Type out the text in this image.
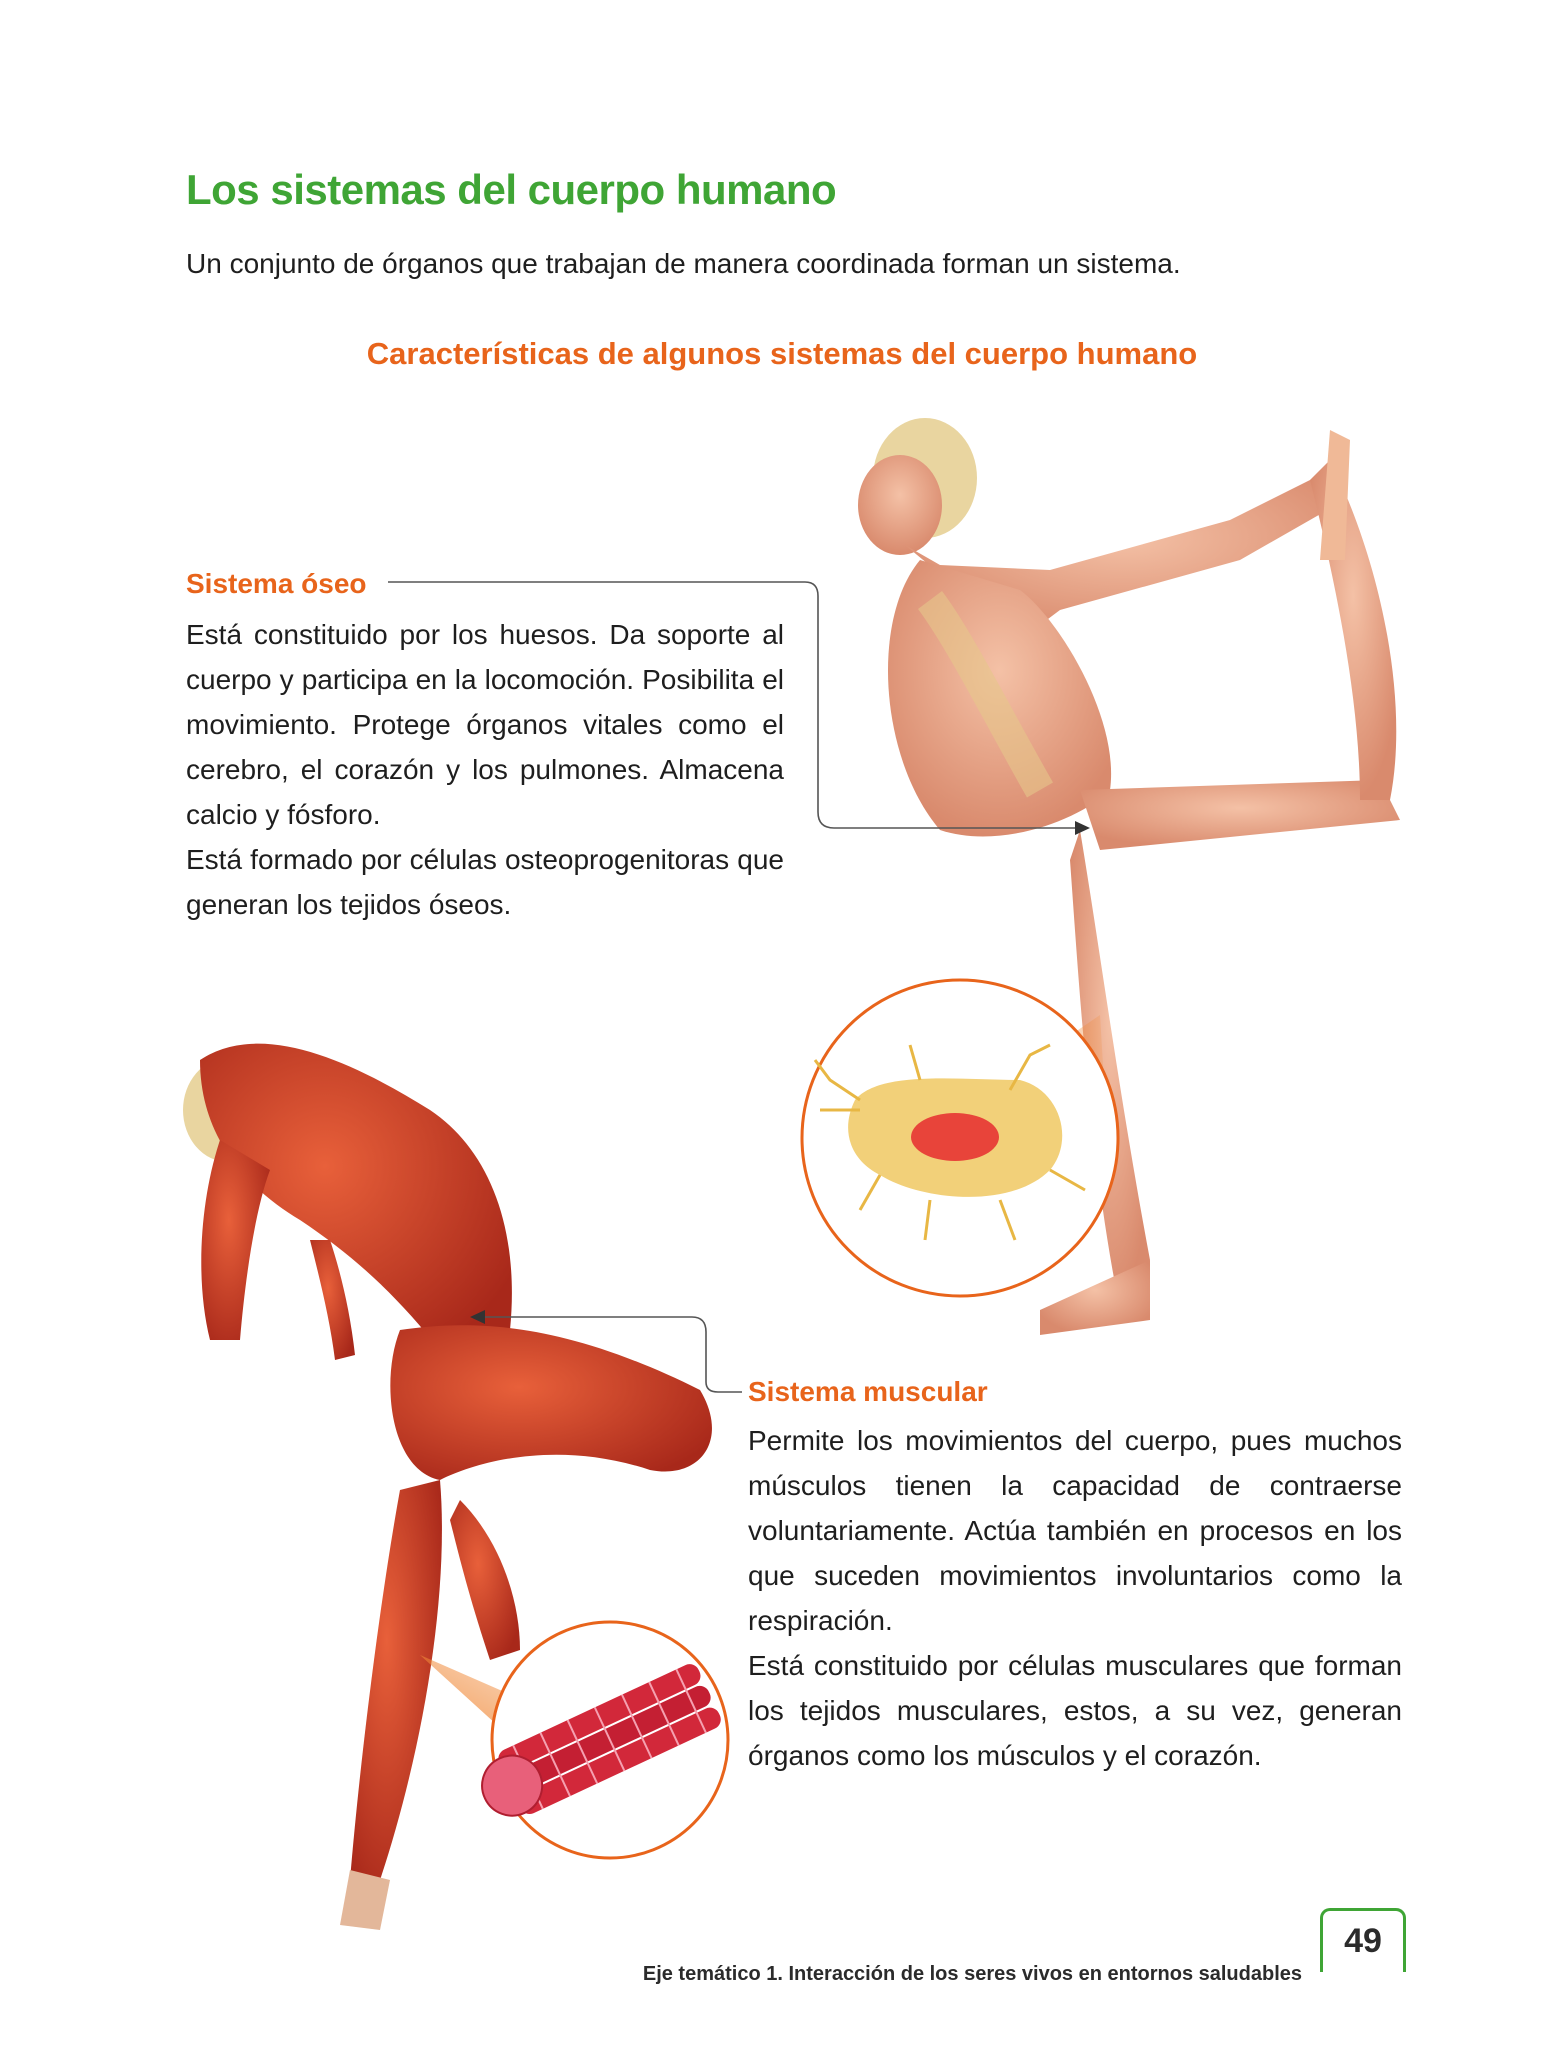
Los sistemas del cuerpo humano

Un conjunto de órganos que trabajan de manera coordinada forman un sistema.

Características de algunos sistemas del cuerpo humano
Sistema óseo

Está constituido por los huesos. Da soporte al cuerpo y participa en la locomoción. Posibilita el movimiento. Protege órganos vitales como el cerebro, el corazón y los pulmones. Almacena calcio y fósforo.

Está formado por células osteoprogenitoras que generan los tejidos óseos.

Sistema muscular

Permite los movimientos del cuerpo, pues muchos músculos tienen la capacidad de contraerse voluntariamente. Actúa también en procesos en los que suceden movimientos involuntarios como la respiración.

Está constituido por células musculares que forman los tejidos musculares, estos, a su vez, generan órganos como los músculos y el corazón.

Eje temático 1. Interacción de los seres vivos en entornos saludables
49
